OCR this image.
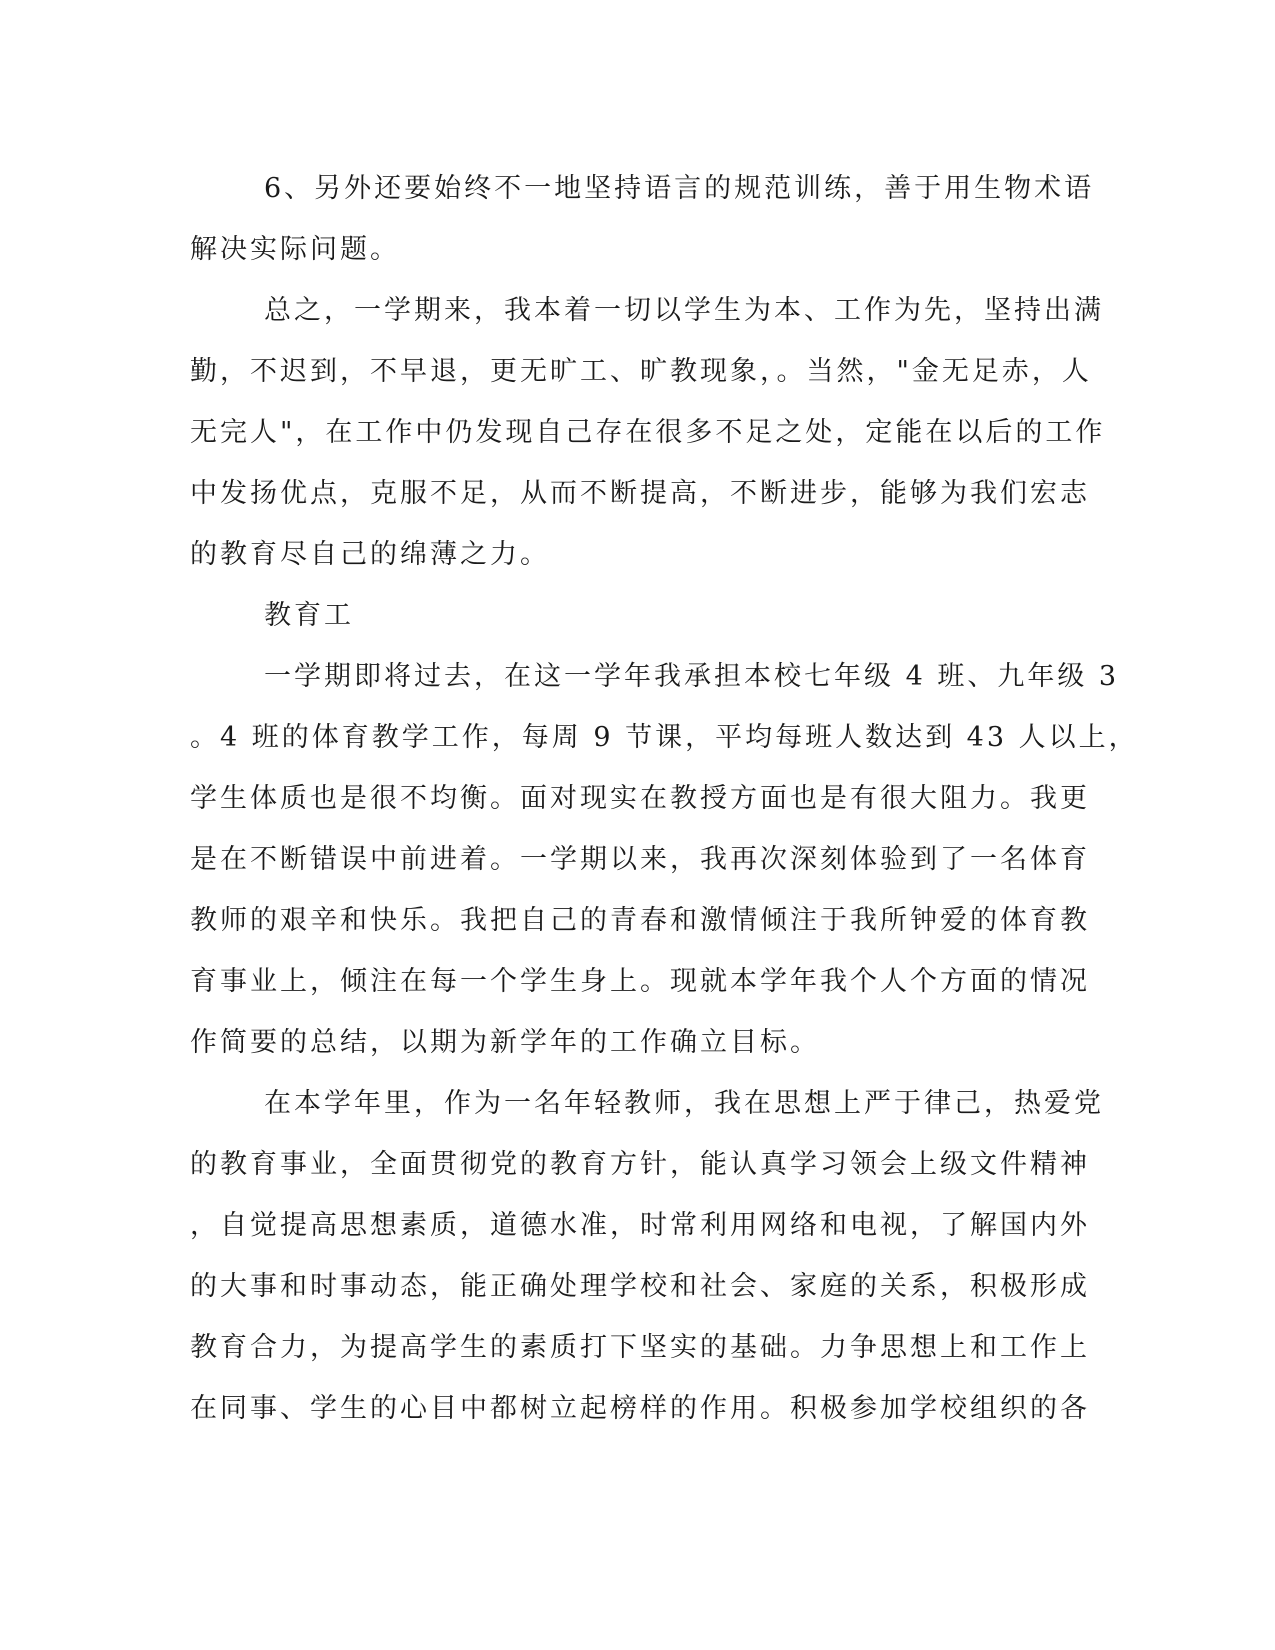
6、另外还要始终不一地坚持语言的规范训练，善于用生物术语
解决实际问题。
总之，一学期来，我本着一切以学生为本、工作为先，坚持出满
勤，不迟到，不早退，更无旷工、旷教现象，。当然，"金无足赤，人
无完人"，在工作中仍发现自己存在很多不足之处，定能在以后的工作
中发扬优点，克服不足，从而不断提高，不断进步，能够为我们宏志
的教育尽自己的绵薄之力。
教育工
一学期即将过去，在这一学年我承担本校七年级 4 班、九年级 3
。4 班的体育教学工作，每周 9 节课，平均每班人数达到 43 人以上，
学生体质也是很不均衡。面对现实在教授方面也是有很大阻力。我更
是在不断错误中前进着。一学期以来，我再次深刻体验到了一名体育
教师的艰辛和快乐。我把自己的青春和激情倾注于我所钟爱的体育教
育事业上，倾注在每一个学生身上。现就本学年我个人个方面的情况
作简要的总结，以期为新学年的工作确立目标。
在本学年里，作为一名年轻教师，我在思想上严于律己，热爱党
的教育事业，全面贯彻党的教育方针，能认真学习领会上级文件精神
，自觉提高思想素质，道德水准，时常利用网络和电视，了解国内外
的大事和时事动态，能正确处理学校和社会、家庭的关系，积极形成
教育合力，为提高学生的素质打下坚实的基础。力争思想上和工作上
在同事、学生的心目中都树立起榜样的作用。积极参加学校组织的各
